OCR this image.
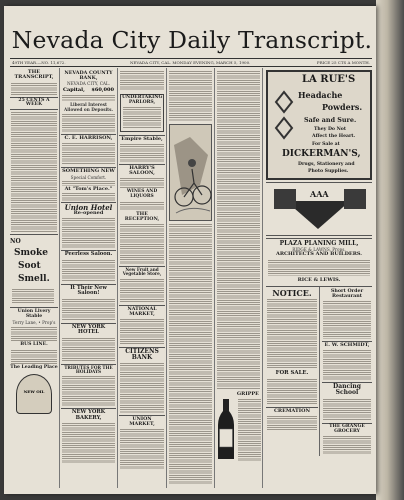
Nevada City Daily Transcript.
49TH YEAR.—NO. 11,672.	NEVADA CITY, CAL. MONDAY EVENING, MARCH 5, 1900.	PRICE 25 CTS A MONTH.
THE TRANSCRIPT,
25 CENTS A WEEK
NO
Smoke
Soot
Smell.
Union Livery Stable
Terry Lane, • Prop's
BUS LINE.
The Leading Place
NEW OIL
NEVADA COUNTY BANK,
NEVADA CITY, CAL.
Capital, $60,000
Liberal Interest Allowed on Deposits.
C. E. HARRISON,
SOMETHING NEW
Special Comfort.
At "Tom's Place."
Union Hotel
Re-opened
Peerless Saloon.
It Their New Saloon!
NEW YORK HOTEL
TRIBUTES FOR THE HOLIDAYS
NEW YORK BAKERY,
UNDERTAKING PARLORS,
Empire Stable,
HARRY'S SALOON,
WINES AND LIQUORS
THE RECEPTION,
New Fruit and Vegetable Store,
NATIONAL MARKET,
CITIZENS BANK
UNION MARKET,
GRIPPE
LA RUE'S
Headache
Powders.
Safe and Sure.
They Do Not
Affect the Heart.
For Sale at
DICKERMAN'S,
Drugs, Stationery and
Photo Supplies.
AAA
PLAZA PLANING MILL,
RIDGE & LAWNS, Props.
ARCHITECTS AND BUILDERS.
RICE & LEWIS.
NOTICE.
FOR SALE.
CREMATION
Short Order Restaurant
E. W. SCHMIDT,
Dancing School
THE GRANGE GROCERY
